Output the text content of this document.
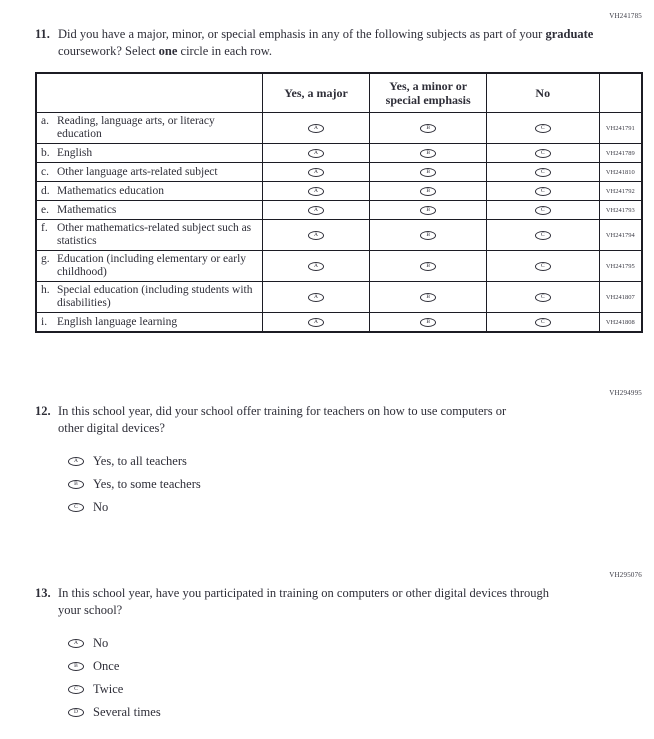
VH241785
11. Did you have a major, minor, or special emphasis in any of the following subjects as part of your graduate coursework? Select one circle in each row.
	Yes, a major	Yes, a minor or special emphasis	No	

a. Reading, language arts, or literacy education	A	B	C	VH241791

b. English	A	B	C	VH241789

c. Other language arts-related subject	A	B	C	VH241810

d. Mathematics education	A	B	C	VH241792

e. Mathematics	A	B	C	VH241793

f. Other mathematics-related subject such as statistics	A	B	C	VH241794

g. Education (including elementary or early childhood)	A	B	C	VH241795

h. Special education (including students with disabilities)	A	B	C	VH241807

i. English language learning	A	B	C	VH241808
VH294995
12. In this school year, did your school offer training for teachers on how to use computers or other digital devices?
A Yes, to all teachers
B Yes, to some teachers
C No
VH295076
13. In this school year, have you participated in training on computers or other digital devices through your school?
A No
B Once
C Twice
D Several times
